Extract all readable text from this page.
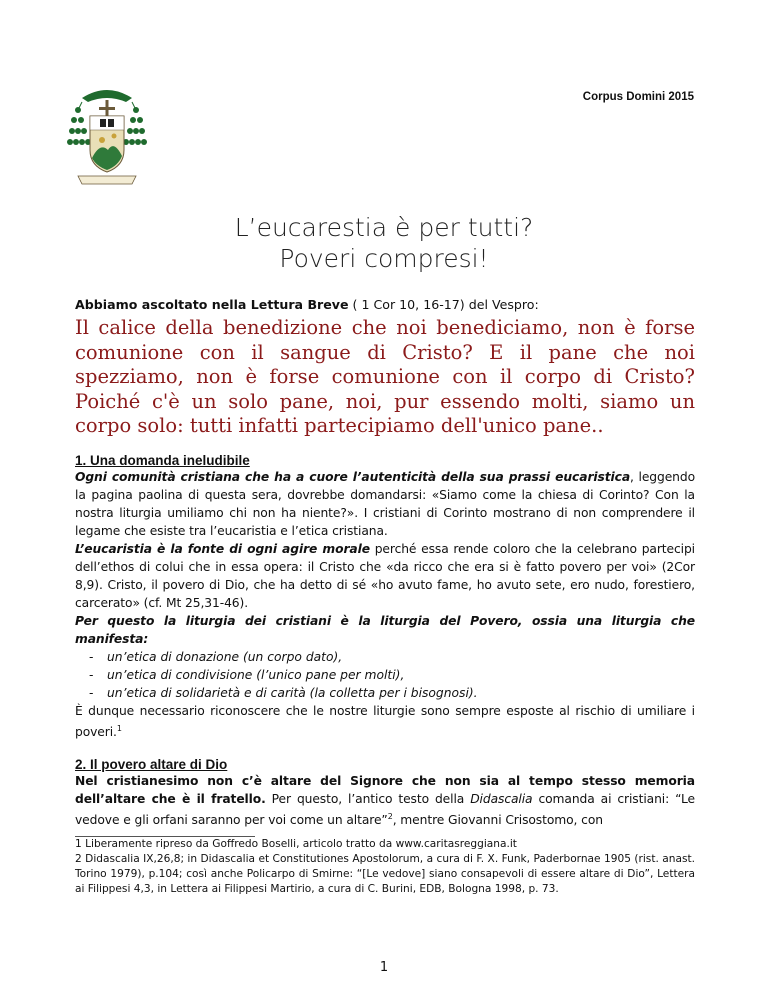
Corpus Domini 2015
L’eucarestia è per tutti?
Poveri compresi!

Abbiamo ascoltato nella Lettura Breve ( 1 Cor 10, 16-17) del Vespro:

Il calice della benedizione che noi benediciamo, non è forse comunione con il sangue di Cristo? E il pane che noi spezziamo, non è forse comunione con il corpo di Cristo? Poiché c'è un solo pane, noi, pur essendo molti, siamo un corpo solo: tutti infatti partecipiamo dell'unico pane..

1. Una domanda ineludibile

Ogni comunità cristiana che ha a cuore l’autenticità della sua prassi eucaristica, leggendo la pagina paolina di questa sera, dovrebbe domandarsi: «Siamo come la chiesa di Corinto? Con la nostra liturgia umiliamo chi non ha niente?». I cristiani di Corinto mostrano di non comprendere il legame che esiste tra l’eucaristia e l’etica cristiana.

L’eucaristia è la fonte di ogni agire morale perché essa rende coloro che la celebrano partecipi dell’ethos di colui che in essa opera: il Cristo che «da ricco che era si è fatto povero per voi» (2Cor 8,9). Cristo, il povero di Dio, che ha detto di sé «ho avuto fame, ho avuto sete, ero nudo, forestiero, carcerato» (cf. Mt 25,31-46).

Per questo la liturgia dei cristiani è la liturgia del Povero, ossia una liturgia che manifesta:

- un’etica di donazione (un corpo dato),
- un’etica di condivisione (l’unico pane per molti),
- un’etica di solidarietà e di carità (la colletta per i bisognosi).

È dunque necessario riconoscere che le nostre liturgie sono sempre esposte al rischio di umiliare i poveri.$^1$

2. Il povero altare di Dio

Nel cristianesimo non c’è altare del Signore che non sia al tempo stesso memoria dell’altare che è il fratello. Per questo, l’antico testo della Didascalia comanda ai cristiani: “Le vedove e gli orfani saranno per voi come un altare”$^2$, mentre Giovanni Crisostomo, con

1 Liberamente ripreso da Goffredo Boselli, articolo tratto da www.caritasreggiana.it

2 Didascalia IX,26,8; in Didascalia et Constitutiones Apostolorum, a cura di F. X. Funk, Paderbornae 1905 (rist. anast. Torino 1979), p.104; così anche Policarpo di Smirne: “[Le vedove] siano consapevoli di essere altare di Dio”, Lettera ai Filippesi 4,3, in Lettera ai Filippesi Martirio, a cura di C. Burini, EDB, Bologna 1998, p. 73.

1
